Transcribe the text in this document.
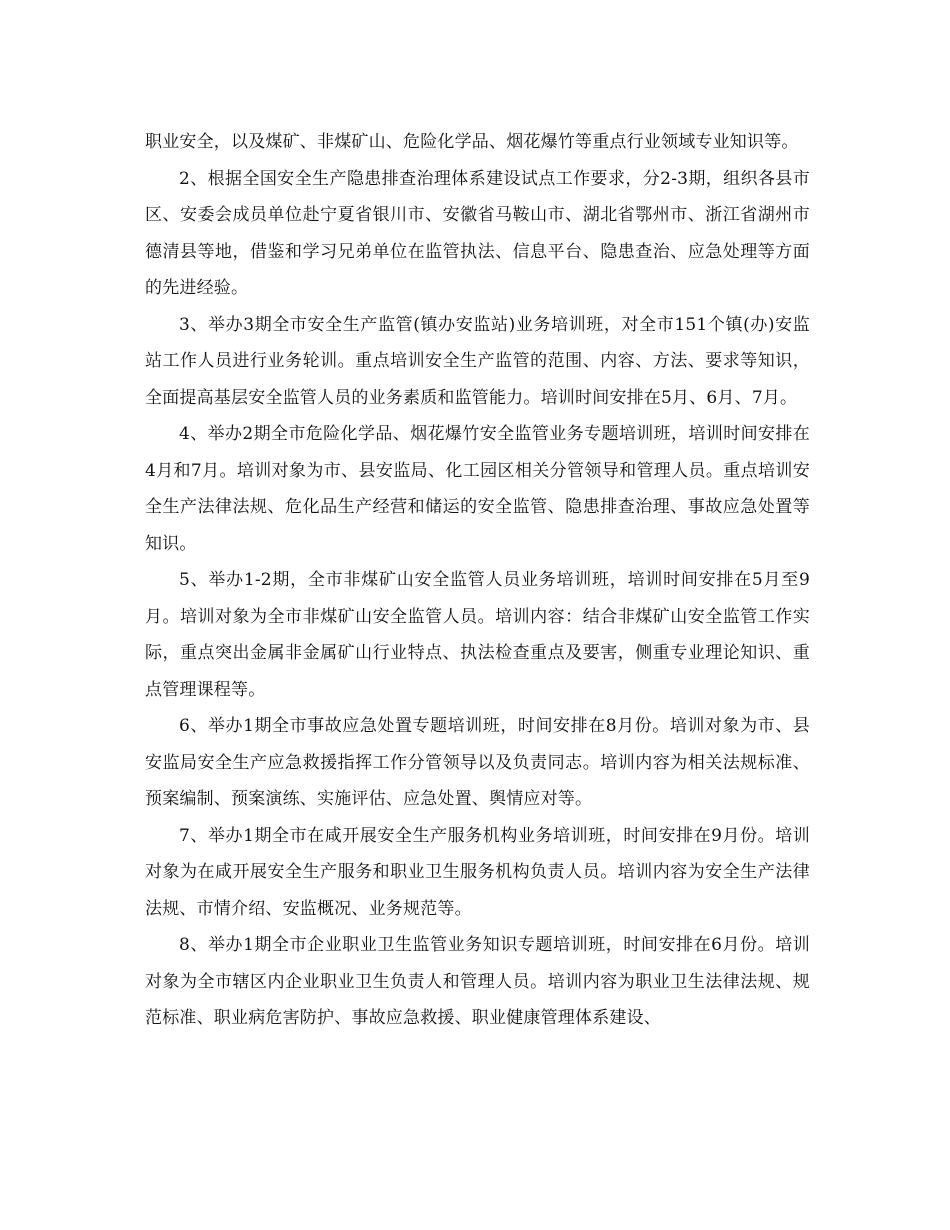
职业安全，以及煤矿、非煤矿山、危险化学品、烟花爆竹等重点行业领域专业知识等。

2、根据全国安全生产隐患排查治理体系建设试点工作要求，分2-3期，组织各县市区、安委会成员单位赴宁夏省银川市、安徽省马鞍山市、湖北省鄂州市、浙江省湖州市德清县等地，借鉴和学习兄弟单位在监管执法、信息平台、隐患查治、应急处理等方面的先进经验。

3、举办3期全市安全生产监管(镇办安监站)业务培训班，对全市151个镇(办)安监站工作人员进行业务轮训。重点培训安全生产监管的范围、内容、方法、要求等知识，全面提高基层安全监管人员的业务素质和监管能力。培训时间安排在5月、6月、7月。

4、举办2期全市危险化学品、烟花爆竹安全监管业务专题培训班，培训时间安排在4月和7月。培训对象为市、县安监局、化工园区相关分管领导和管理人员。重点培训安全生产法律法规、危化品生产经营和储运的安全监管、隐患排查治理、事故应急处置等知识。

5、举办1-2期，全市非煤矿山安全监管人员业务培训班，培训时间安排在5月至9月。培训对象为全市非煤矿山安全监管人员。培训内容：结合非煤矿山安全监管工作实际，重点突出金属非金属矿山行业特点、执法检查重点及要害，侧重专业理论知识、重点管理课程等。

6、举办1期全市事故应急处置专题培训班，时间安排在8月份。培训对象为市、县安监局安全生产应急救援指挥工作分管领导以及负责同志。培训内容为相关法规标准、预案编制、预案演练、实施评估、应急处置、舆情应对等。

7、举办1期全市在咸开展安全生产服务机构业务培训班，时间安排在9月份。培训对象为在咸开展安全生产服务和职业卫生服务机构负责人员。培训内容为安全生产法律法规、市情介绍、安监概况、业务规范等。

8、举办1期全市企业职业卫生监管业务知识专题培训班，时间安排在6月份。培训对象为全市辖区内企业职业卫生负责人和管理人员。培训内容为职业卫生法律法规、规范标准、职业病危害防护、事故应急救援、职业健康管理体系建设、
